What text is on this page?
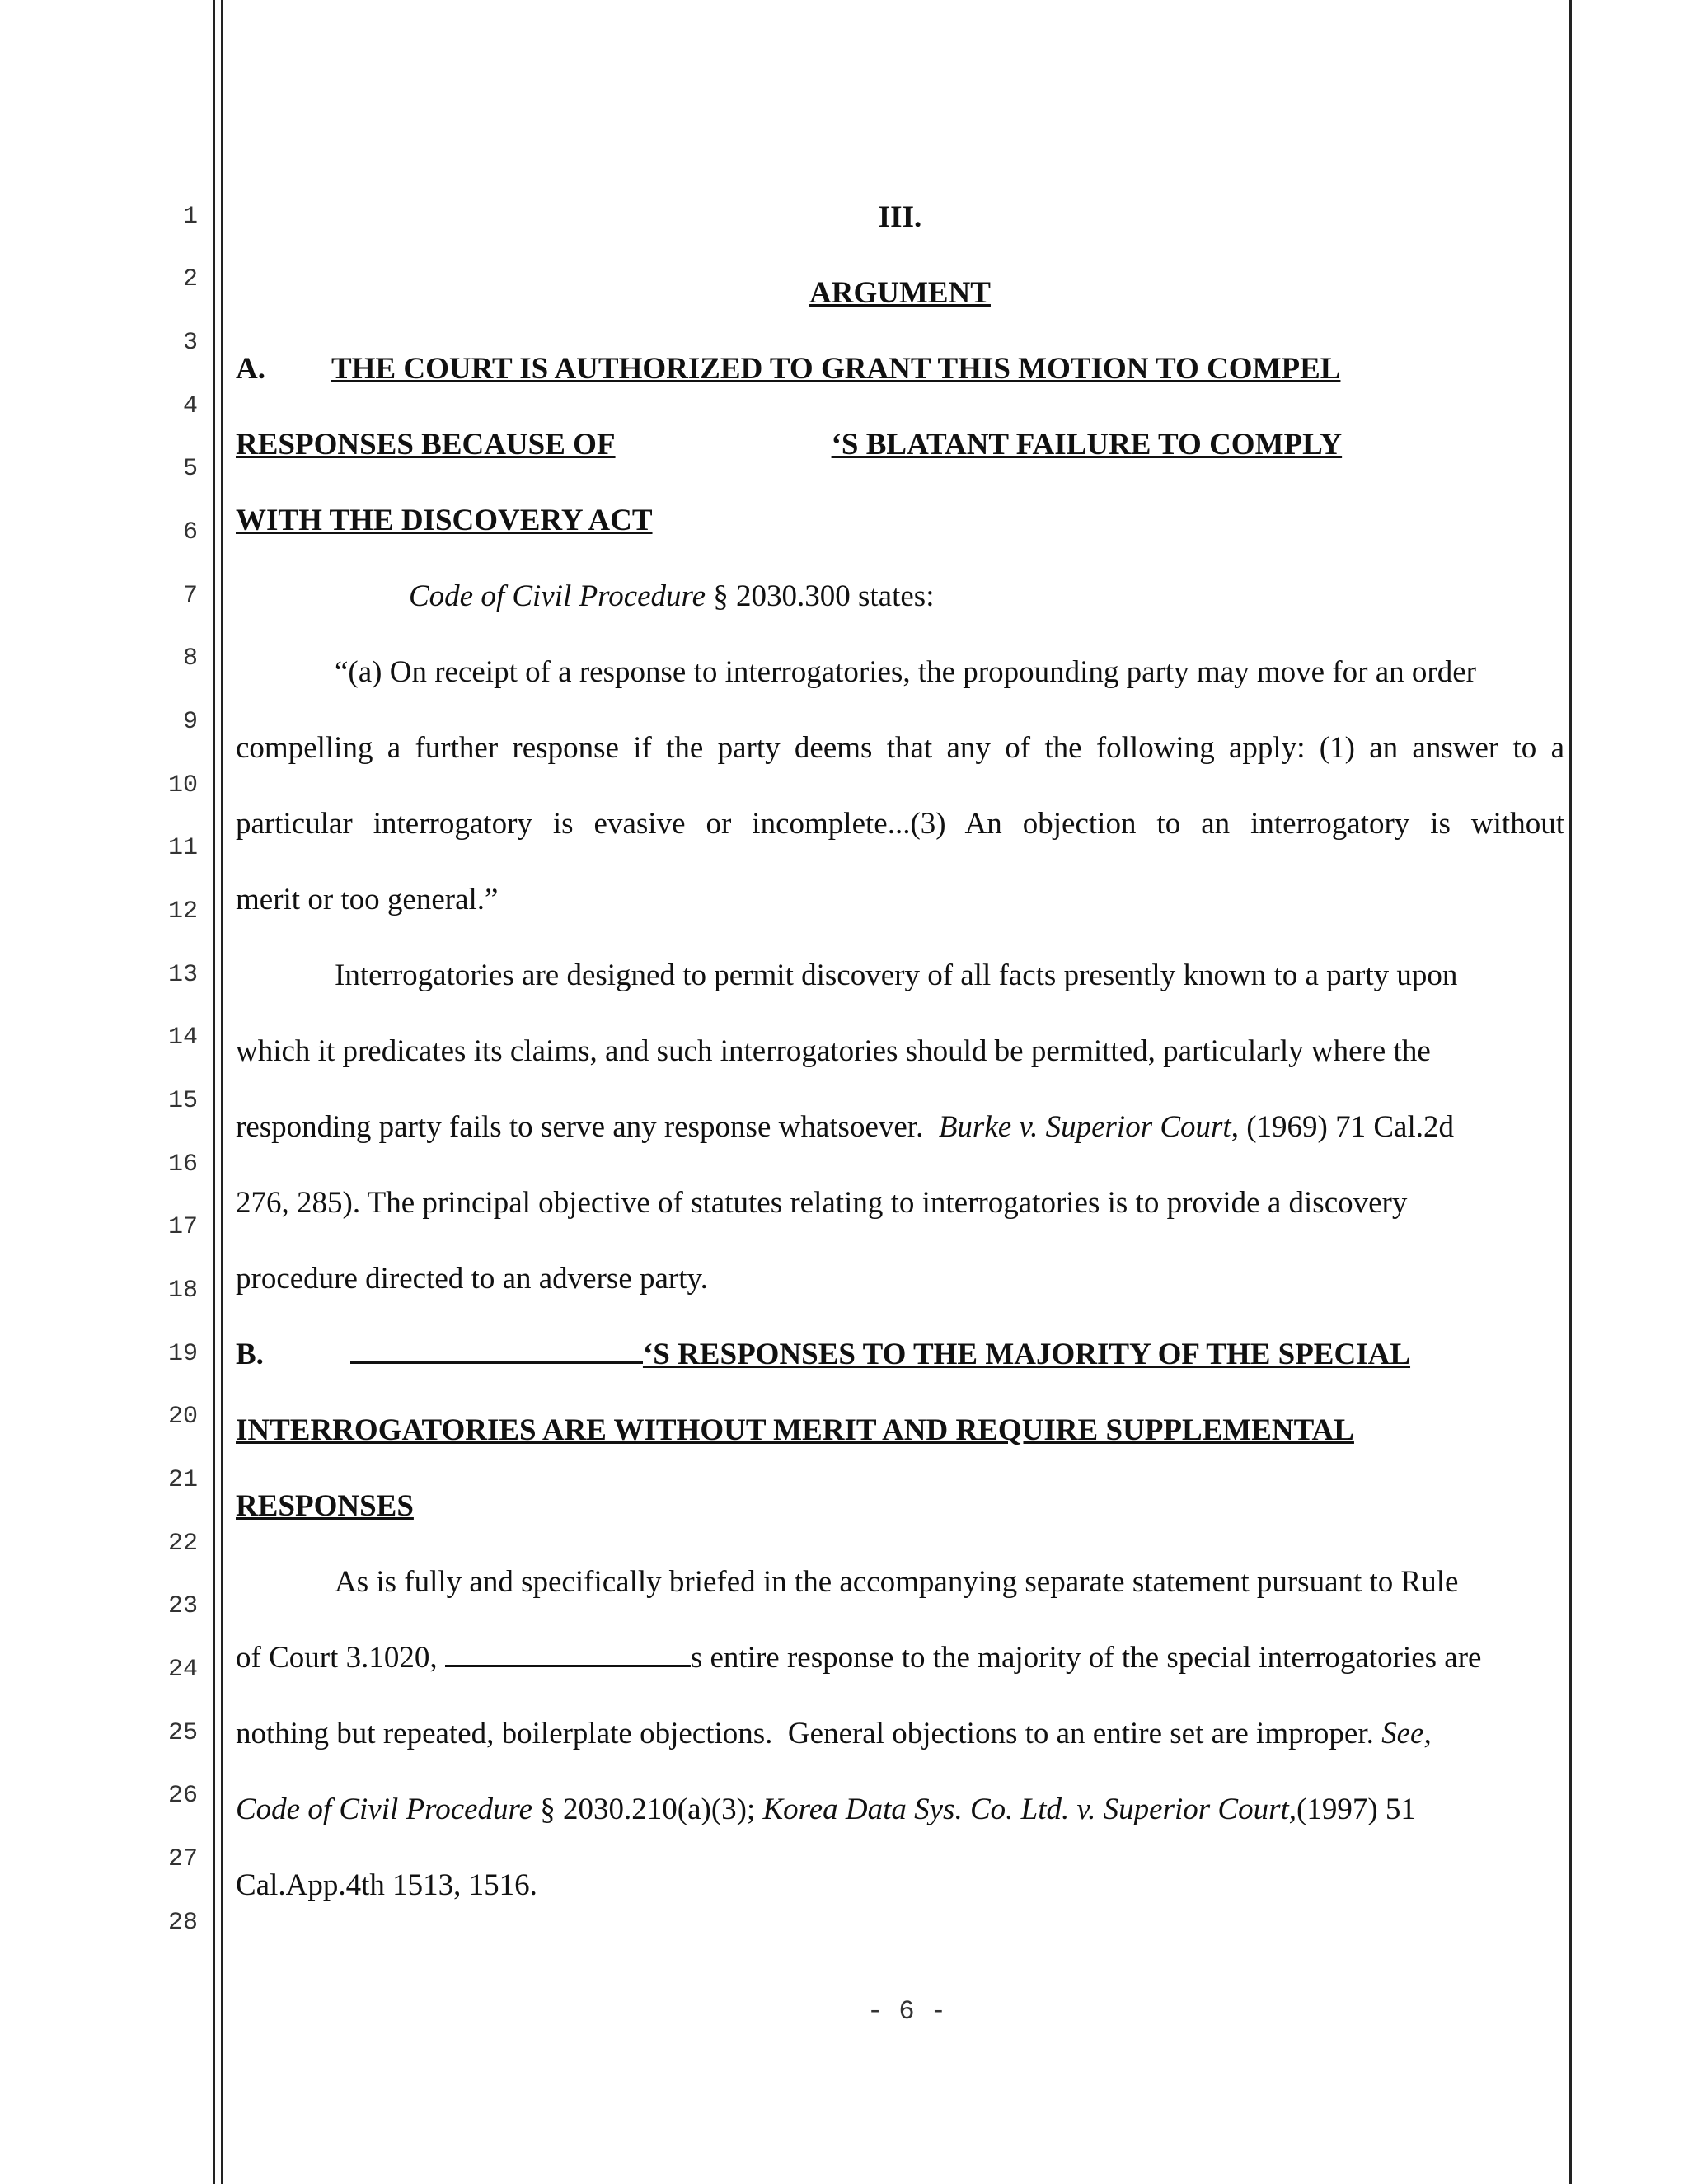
1
2
3
4
5
6
7
8
9
10
11
12
13
14
15
16
17
18
19
20
21
22
23
24
25
26
27
28
III.
ARGUMENT
A. THE COURT IS AUTHORIZED TO GRANT THIS MOTION TO COMPEL
RESPONSES BECAUSE OF	‘S BLATANT FAILURE TO COMPLY
WITH THE DISCOVERY ACT
Code of Civil Procedure § 2030.300 states:
“(a) On receipt of a response to interrogatories, the propounding party may move for an order
compelling a further response if the party deems that any of the following apply: (1) an answer to a
particular interrogatory is evasive or incomplete...(3) An objection to an interrogatory is without
merit or too general.”
Interrogatories are designed to permit discovery of all facts presently known to a party upon
which it predicates its claims, and such interrogatories should be permitted, particularly where the
responding party fails to serve any response whatsoever.  Burke v. Superior Court, (1969) 71 Cal.2d
276, 285). The principal objective of statutes relating to interrogatories is to provide a discovery
procedure directed to an adverse party.
B.	‘S RESPONSES TO THE MAJORITY OF THE SPECIAL
INTERROGATORIES ARE WITHOUT MERIT AND REQUIRE SUPPLEMENTAL
RESPONSES
As is fully and specifically briefed in the accompanying separate statement pursuant to Rule
of Court 3.1020,	s entire response to the majority of the special interrogatories are
nothing but repeated, boilerplate objections.  General objections to an entire set are improper. See,
Code of Civil Procedure § 2030.210(a)(3); Korea Data Sys. Co. Ltd. v. Superior Court,(1997) 51
Cal.App.4th 1513, 1516.
- 6 -
